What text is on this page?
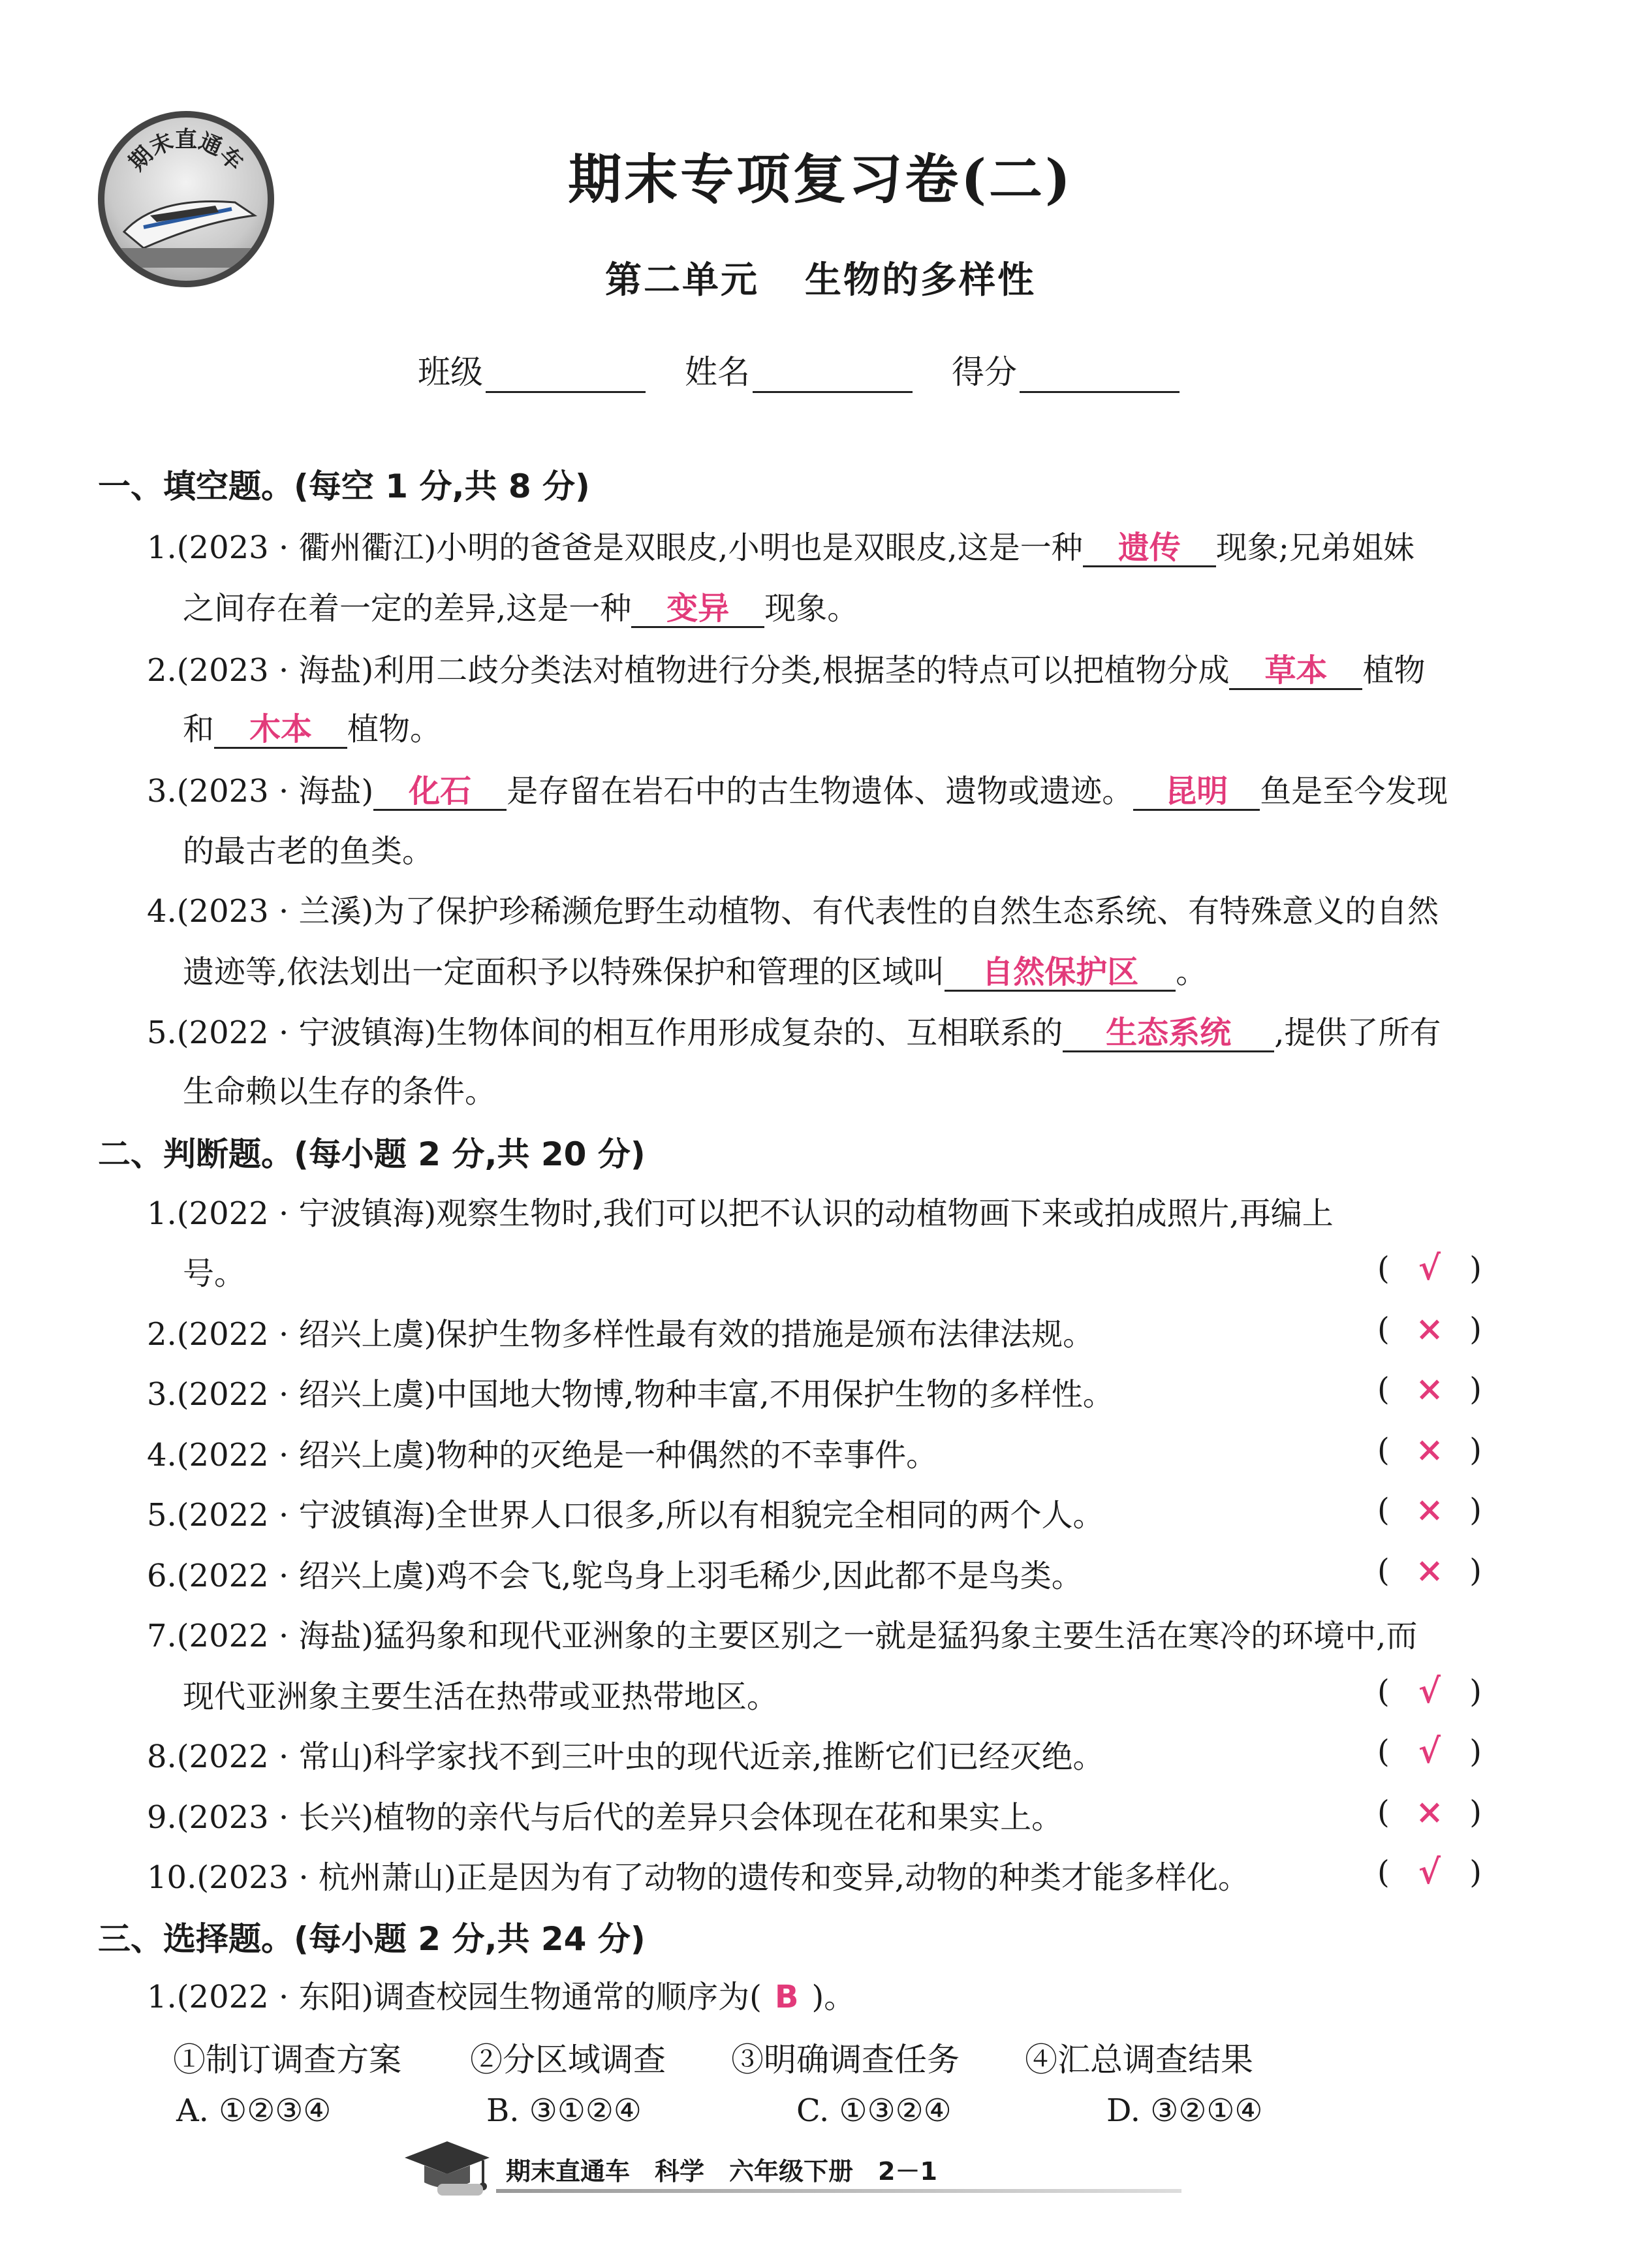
期末直通车	期末专项复习卷(二)
第二单元 生物的多样性
班级	姓名	得分
一、填空题。(每空 1 分,共 8 分)
1.(2023 · 衢州衢江)小明的爸爸是双眼皮,小明也是双眼皮,这是一种 遗传 现象;兄弟姐妹
之间存在着一定的差异,这是一种 变异 现象。
2.(2023 · 海盐)利用二歧分类法对植物进行分类,根据茎的特点可以把植物分成 草本 植物
和 木本 植物。
3.(2023 · 海盐) 化石 是存留在岩石中的古生物遗体、遗物或遗迹。 昆明 鱼是至今发现
的最古老的鱼类。
4.(2023 · 兰溪)为了保护珍稀濒危野生动植物、有代表性的自然生态系统、有特殊意义的自然
遗迹等,依法划出一定面积予以特殊保护和管理的区域叫 自然保护区 。
5.(2022 · 宁波镇海)生物体间的相互作用形成复杂的、互相联系的 生态系统 ,提供了所有
生命赖以生存的条件。
二、判断题。(每小题 2 分,共 20 分)
1.(2022 · 宁波镇海)观察生物时,我们可以把不认识的动植物画下来或拍成照片,再编上
号。	( √ )
2.(2022 · 绍兴上虞)保护生物多样性最有效的措施是颁布法律法规。	( × )
3.(2022 · 绍兴上虞)中国地大物博,物种丰富,不用保护生物的多样性。	( × )
4.(2022 · 绍兴上虞)物种的灭绝是一种偶然的不幸事件。	( × )
5.(2022 · 宁波镇海)全世界人口很多,所以有相貌完全相同的两个人。	( × )
6.(2022 · 绍兴上虞)鸡不会飞,鸵鸟身上羽毛稀少,因此都不是鸟类。	( × )
7.(2022 · 海盐)猛犸象和现代亚洲象的主要区别之一就是猛犸象主要生活在寒冷的环境中,而
现代亚洲象主要生活在热带或亚热带地区。	( √ )
8.(2022 · 常山)科学家找不到三叶虫的现代近亲,推断它们已经灭绝。	( √ )
9.(2023 · 长兴)植物的亲代与后代的差异只会体现在花和果实上。	( × )
10.(2023 · 杭州萧山)正是因为有了动物的遗传和变异,动物的种类才能多样化。	( √ )
三、选择题。(每小题 2 分,共 24 分)
1.(2022 · 东阳)调查校园生物通常的顺序为( B )。
①制订调查方案 ②分区域调查 ③明确调查任务 ④汇总调查结果
A. ①②③④	B. ③①②④	C. ①③②④	D. ③②①④
期末直通车　科学　六年级下册　2－1
